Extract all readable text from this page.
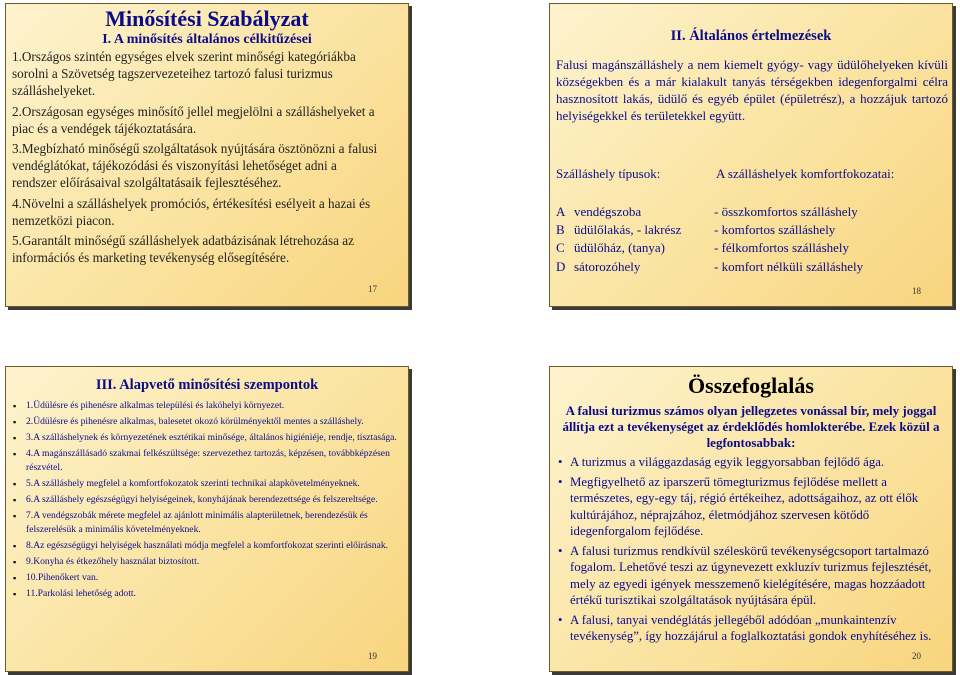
Minősítési Szabályzat
I. A minősítés általános célkitűzései

1.Országos szintén egységes elvek szerint minőségi kategóriákba sorolni a Szövetség tagszervezeteihez tartozó falusi turizmus szálláshelyeket.

2.Országosan egységes minősítő jellel megjelölni a szálláshelyeket a piac és a vendégek tájékoztatására.

3.Megbízható minőségű szolgáltatások nyújtására ösztönözni a falusi vendéglátókat, tájékozódási és viszonyítási lehetőséget adni a rendszer előírásaival szolgáltatásaik fejlesztéséhez.

4.Növelni a szálláshelyek promóciós, értékesítési esélyeit a hazai és nemzetközi piacon.

5.Garantált minőségű szálláshelyek adatbázisának létrehozása az információs és marketing tevékenység elősegítésére.

17
II. Általános értelmezések
Falusi magánszálláshely a nem kiemelt gyógy- vagy üdülőhelyeken kívüli községekben és a már kialakult tanyás térségekben idegenforgalmi célra hasznosított lakás, üdülő és egyéb épület (épületrész), a hozzájuk tartozó helyiségekkel és területekkel együtt.
Szálláshely típusok:	A szálláshelyek komfortfokozatai:
A vendégszoba	- összkomfortos szálláshely
B üdülőlakás, - lakrész	- komfortos szálláshely
C üdülőház, (tanya)	- félkomfortos szálláshely
D sátorozóhely	- komfort nélküli szálláshely
18
III. Alapvető minősítési szempontok
▪ 1.Üdülésre és pihenésre alkalmas települési és lakóhelyi környezet.
▪ 2.Üdülésre és pihenésre alkalmas, balesetet okozó körülményektől mentes a szálláshely.
▪ 3.A szálláshelynek és környezetének esztétikai minősége, általános higiéniéje, rendje, tisztasága.
▪ 4.A magánszállásadó szakmai felkészültsége: szervezethez tartozás, képzésen, továbbképzésen részvétel.
▪ 5.A szálláshely megfelel a komfortfokozatok szerinti technikai alapkövetelményeknek.
▪ 6.A szálláshely egészségügyi helyiségeinek, konyhájának berendezettsége és felszereltsége.
▪ 7.A vendégszobák mérete megfelel az ajánlott minimális alapterületnek, berendezésük és felszerelésük a minimális követelményeknek.
▪ 8.Az egészségügyi helyiségek használati módja megfelel a komfortfokozat szerinti előírásnak.
▪ 9.Konyha és étkezőhely használat biztosított.
▪ 10.Pihenőkert van.
▪ 11.Parkolási lehetőség adott.
19
Összefoglalás
A falusi turizmus számos olyan jellegzetes vonással bír, mely joggal állítja ezt a tevékenységet az érdeklődés homlokterébe. Ezek közül a legfontosabbak:
• A turizmus a világgazdaság egyik leggyorsabban fejlődő ága.
• Megfigyelhető az iparszerű tömegturizmus fejlődése mellett a természetes, egy-egy táj, régió értékeihez, adottságaihoz, az ott élők kultúrájához, néprajzához, életmódjához szervesen kötődő idegenforgalom fejlődése.
• A falusi turizmus rendkívül széleskörű tevékenységcsoport tartalmazó fogalom. Lehetővé teszi az úgynevezett exkluzív turizmus fejlesztését, mely az egyedi igények messzemenő kielégítésére, magas hozzáadott értékű turisztikai szolgáltatások nyújtására épül.
• A falusi, tanyai vendéglátás jellegéből adódóan „munkaintenzív tevékenység”, így hozzájárul a foglalkoztatási gondok enyhítéséhez is.
20
